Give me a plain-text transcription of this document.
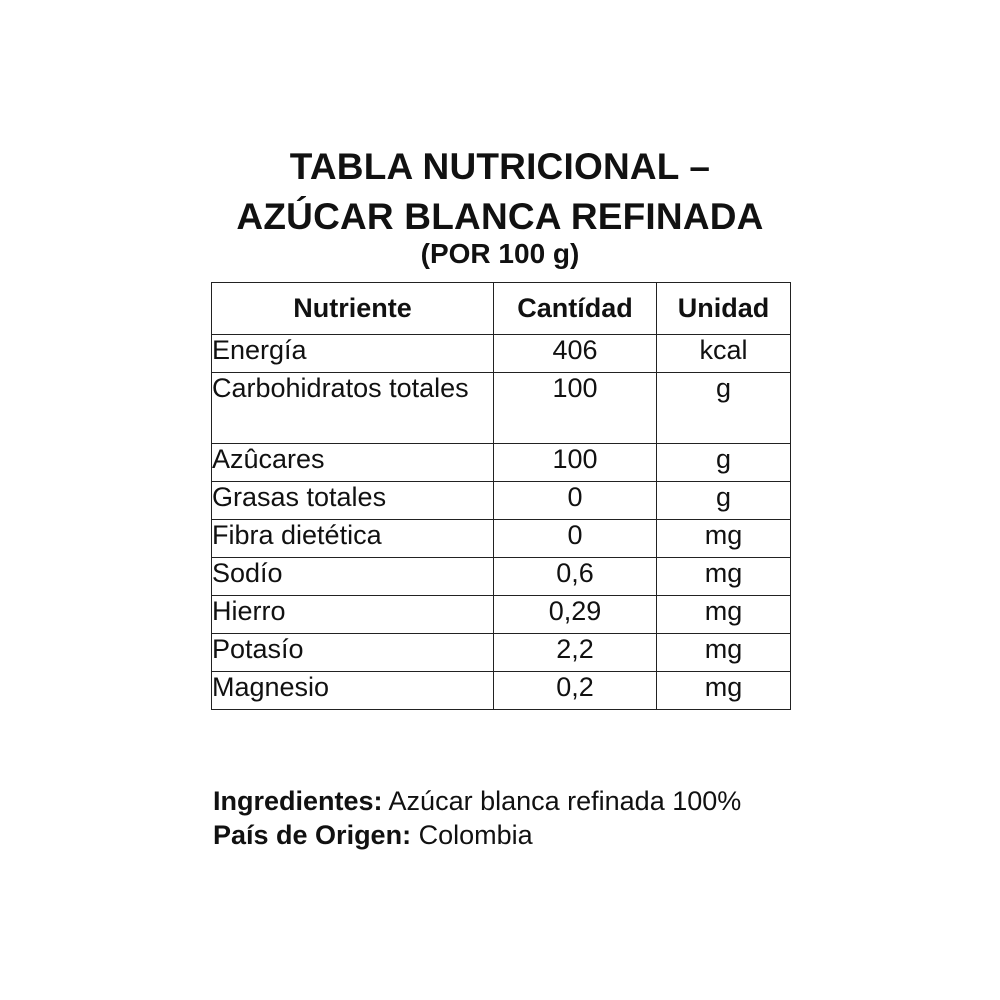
TABLA NUTRICIONAL –
AZÚCAR BLANCA REFINADA
(POR 100 g)
Nutriente	Cantídad	Unidad
Energía	406	kcal
Carbohidratos totales	100	g
Azûcares	100	g
Grasas totales	0	g
Fibra dietética	0	mg
Sodío	0,6	mg
Hierro	0,29	mg
Potasío	2,2	mg
Magnesio	0,2	mg
Ingredientes: Azúcar blanca refinada 100%
País de Origen: Colombia
